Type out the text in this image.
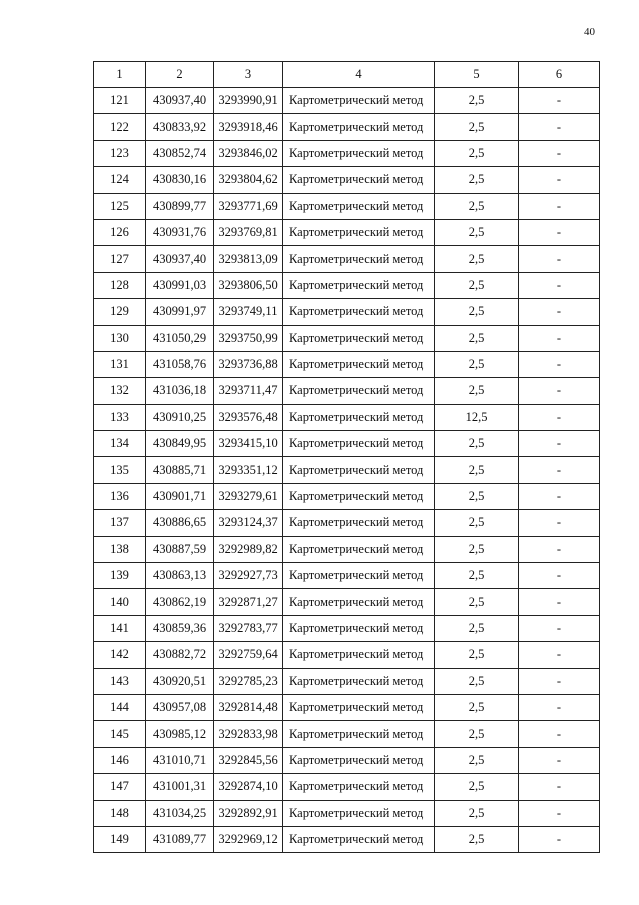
40
1	2	3	4	5	6
121	430937,40	3293990,91	Картометрический метод	2,5	-
122	430833,92	3293918,46	Картометрический метод	2,5	-
123	430852,74	3293846,02	Картометрический метод	2,5	-
124	430830,16	3293804,62	Картометрический метод	2,5	-
125	430899,77	3293771,69	Картометрический метод	2,5	-
126	430931,76	3293769,81	Картометрический метод	2,5	-
127	430937,40	3293813,09	Картометрический метод	2,5	-
128	430991,03	3293806,50	Картометрический метод	2,5	-
129	430991,97	3293749,11	Картометрический метод	2,5	-
130	431050,29	3293750,99	Картометрический метод	2,5	-
131	431058,76	3293736,88	Картометрический метод	2,5	-
132	431036,18	3293711,47	Картометрический метод	2,5	-
133	430910,25	3293576,48	Картометрический метод	12,5	-
134	430849,95	3293415,10	Картометрический метод	2,5	-
135	430885,71	3293351,12	Картометрический метод	2,5	-
136	430901,71	3293279,61	Картометрический метод	2,5	-
137	430886,65	3293124,37	Картометрический метод	2,5	-
138	430887,59	3292989,82	Картометрический метод	2,5	-
139	430863,13	3292927,73	Картометрический метод	2,5	-
140	430862,19	3292871,27	Картометрический метод	2,5	-
141	430859,36	3292783,77	Картометрический метод	2,5	-
142	430882,72	3292759,64	Картометрический метод	2,5	-
143	430920,51	3292785,23	Картометрический метод	2,5	-
144	430957,08	3292814,48	Картометрический метод	2,5	-
145	430985,12	3292833,98	Картометрический метод	2,5	-
146	431010,71	3292845,56	Картометрический метод	2,5	-
147	431001,31	3292874,10	Картометрический метод	2,5	-
148	431034,25	3292892,91	Картометрический метод	2,5	-
149	431089,77	3292969,12	Картометрический метод	2,5	-
